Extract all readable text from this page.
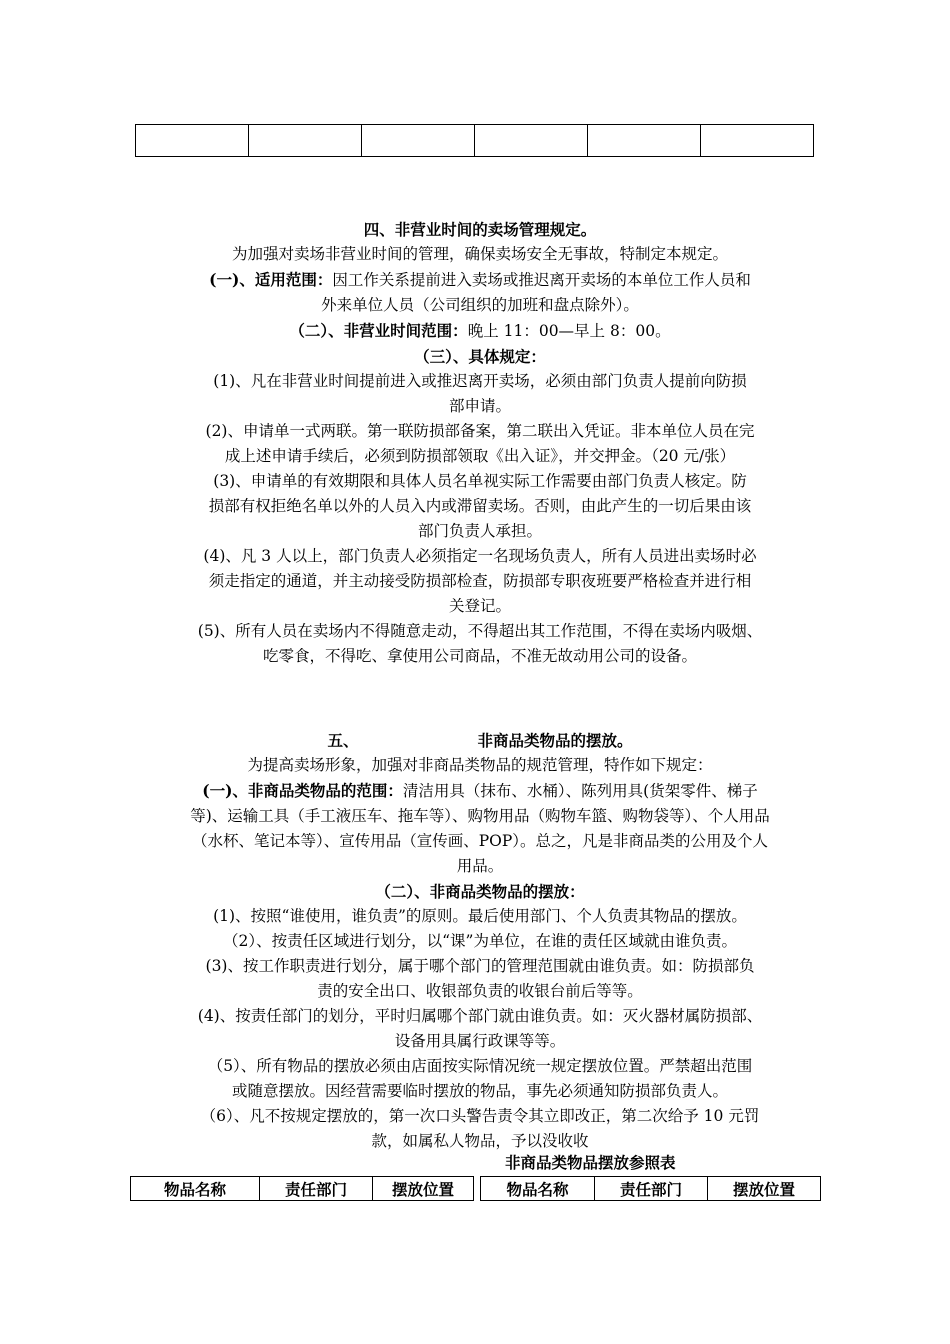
四、非营业时间的卖场管理规定。
为加强对卖场非营业时间的管理，确保卖场安全无事故，特制定本规定。
(一)、适用范围：因工作关系提前进入卖场或推迟离开卖场的本单位工作人员和
外来单位人员（公司组织的加班和盘点除外）。
（二）、非营业时间范围：晚上 11：00—早上 8：00。
（三）、具体规定：
(1)、凡在非营业时间提前进入或推迟离开卖场，必须由部门负责人提前向防损
部申请。
(2)、申请单一式两联。第一联防损部备案，第二联出入凭证。非本单位人员在完
成上述申请手续后，必须到防损部领取《出入证》，并交押金。（20 元/张）
(3)、申请单的有效期限和具体人员名单视实际工作需要由部门负责人核定。防
损部有权拒绝名单以外的人员入内或滞留卖场。否则，由此产生的一切后果由该
部门负责人承担。
(4)、凡 3 人以上，部门负责人必须指定一名现场负责人，所有人员进出卖场时必
须走指定的通道，并主动接受防损部检查，防损部专职夜班要严格检查并进行相
关登记。
(5)、所有人员在卖场内不得随意走动，不得超出其工作范围，不得在卖场内吸烟、
吃零食，不得吃、拿使用公司商品，不准无故动用公司的设备。
五、	非商品类物品的摆放。
为提高卖场形象，加强对非商品类物品的规范管理，特作如下规定：
(一)、非商品类物品的范围：清洁用具（抹布、水桶）、陈列用具(货架零件、梯子
等)、运输工具（手工液压车、拖车等）、购物用品（购物车篮、购物袋等）、个人用品
（水杯、笔记本等）、宣传用品（宣传画、POP）。总之，凡是非商品类的公用及个人
用品。
（二）、非商品类物品的摆放：
(1)、按照“谁使用，谁负责”的原则。最后使用部门、个人负责其物品的摆放。
（2）、按责任区域进行划分，以“课”为单位，在谁的责任区域就由谁负责。
(3)、按工作职责进行划分，属于哪个部门的管理范围就由谁负责。如：防损部负
责的安全出口、收银部负责的收银台前后等等。
(4)、按责任部门的划分，平时归属哪个部门就由谁负责。如：灭火器材属防损部、
设备用具属行政课等等。
（5）、所有物品的摆放必须由店面按实际情况统一规定摆放位置。严禁超出范围
或随意摆放。因经营需要临时摆放的物品，事先必须通知防损部负责人。
（6）、凡不按规定摆放的，第一次口头警告责令其立即改正，第二次给予 10 元罚
款，如属私人物品，予以没收收
非商品类物品摆放参照表
物品名称	责任部门	摆放位置	物品名称	责任部门	摆放位置
